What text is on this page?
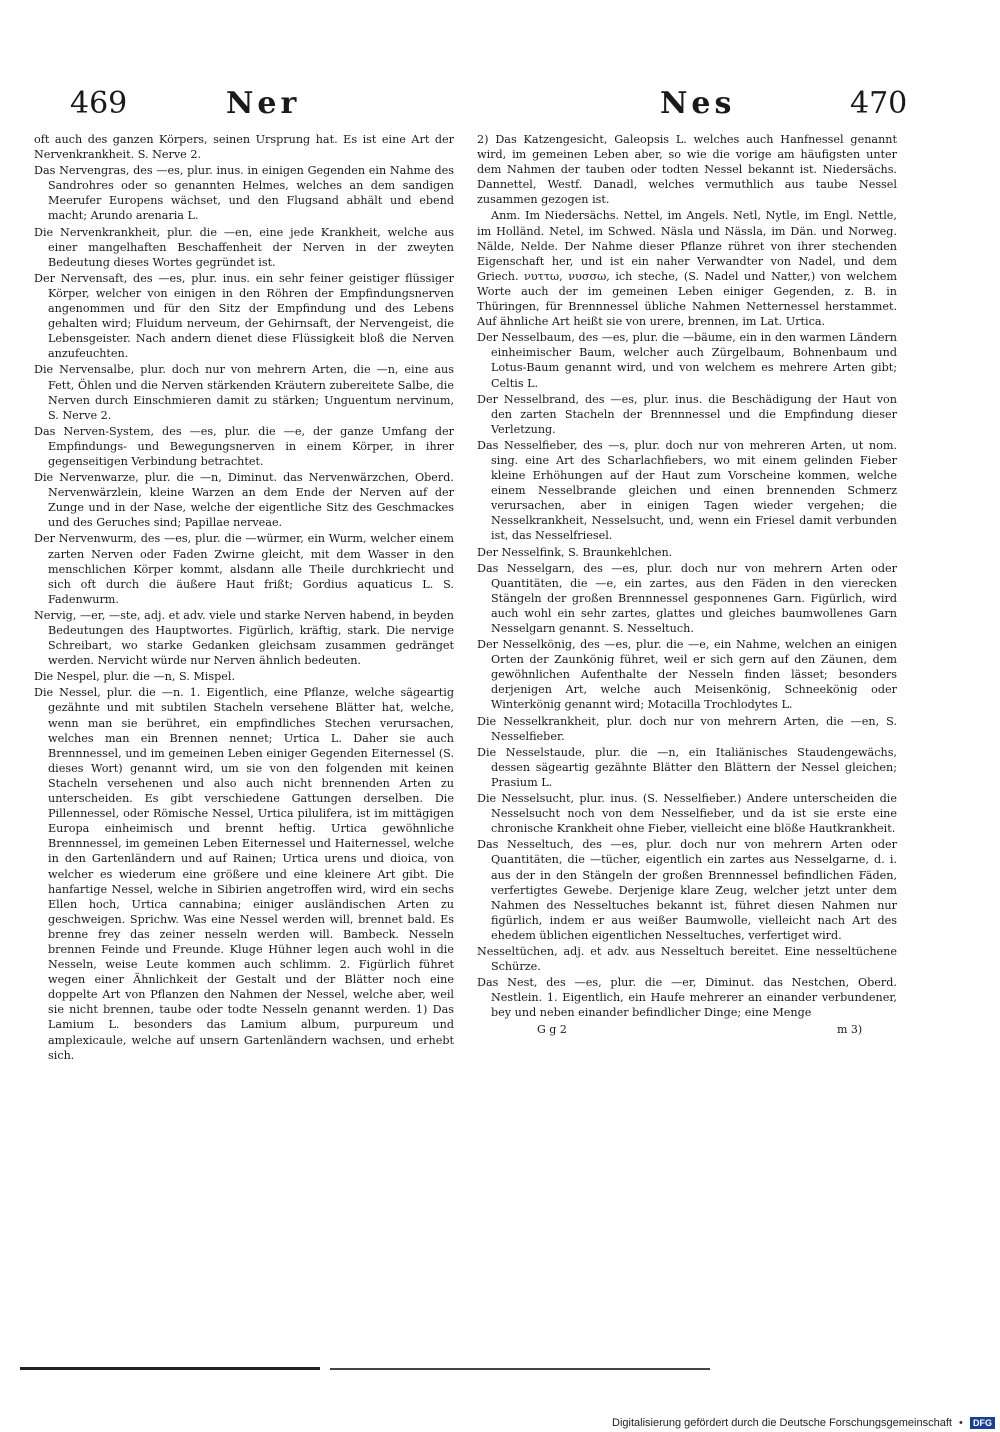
469	Ner	Nes	470

oft auch des ganzen Körpers, seinen Ursprung hat. Es ist eine Art der Nervenkrankheit. S. Nerve 2.

Das Nervengras, des —es, plur. inus. in einigen Gegenden ein Nahme des Sandrohres oder so genannten Helmes, welches an dem sandigen Meerufer Europens wächset, und den Flugsand abhält und ebend macht; Arundo arenaria L.

Die Nervenkrankheit, plur. die —en, eine jede Krankheit, welche aus einer mangelhaften Beschaffenheit der Nerven in der zweyten Bedeutung dieses Wortes gegründet ist.

Der Nervensaft, des —es, plur. inus. ein sehr feiner geistiger flüssiger Körper, welcher von einigen in den Röhren der Empfindungsnerven angenommen und für den Sitz der Empfindung und des Lebens gehalten wird; Fluidum nerveum, der Gehirnsaft, der Nervengeist, die Lebensgeister. Nach andern dienet diese Flüssigkeit bloß die Nerven anzufeuchten.

Die Nervensalbe, plur. doch nur von mehrern Arten, die —n, eine aus Fett, Öhlen und die Nerven stärkenden Kräutern zubereitete Salbe, die Nerven durch Einschmieren damit zu stärken; Unguentum nervinum, S. Nerve 2.

Das Nerven-System, des —es, plur. die —e, der ganze Umfang der Empfindungs- und Bewegungsnerven in einem Körper, in ihrer gegenseitigen Verbindung betrachtet.

Die Nervenwarze, plur. die —n, Diminut. das Nervenwärzchen, Oberd. Nervenwärzlein, kleine Warzen an dem Ende der Nerven auf der Zunge und in der Nase, welche der eigentliche Sitz des Geschmackes und des Geruches sind; Papillae nerveae.

Der Nervenwurm, des —es, plur. die —würmer, ein Wurm, welcher einem zarten Nerven oder Faden Zwirne gleicht, mit dem Wasser in den menschlichen Körper kommt, alsdann alle Theile durchkriecht und sich oft durch die äußere Haut frißt; Gordius aquaticus L. S. Fadenwurm.

Nervig, —er, —ste, adj. et adv. viele und starke Nerven habend, in beyden Bedeutungen des Hauptwortes. Figürlich, kräftig, stark. Die nervige Schreibart, wo starke Gedanken gleichsam zusammen gedränget werden. Nervicht würde nur Nerven ähnlich bedeuten.

Die Nespel, plur. die —n, S. Mispel.

Die Nessel, plur. die —n. 1. Eigentlich, eine Pflanze, welche sägeartig gezähnte und mit subtilen Stacheln versehene Blätter hat, welche, wenn man sie berühret, ein empfindliches Stechen verursachen, welches man ein Brennen nennet; Urtica L. Daher sie auch Brennnessel, und im gemeinen Leben einiger Gegenden Eiternessel (S. dieses Wort) genannt wird, um sie von den folgenden mit keinen Stacheln versehenen und also auch nicht brennenden Arten zu unterscheiden. Es gibt verschiedene Gattungen derselben. Die Pillennessel, oder Römische Nessel, Urtica pilulifera, ist im mittägigen Europa einheimisch und brennt heftig. Urtica gewöhnliche Brennnessel, im gemeinen Leben Eiternessel und Haiternessel, welche in den Gartenländern und auf Rainen; Urtica urens und dioica, von welcher es wiederum eine größere und eine kleinere Art gibt. Die hanfartige Nessel, welche in Sibirien angetroffen wird, wird ein sechs Ellen hoch, Urtica cannabina; einiger ausländischen Arten zu geschweigen. Sprichw. Was eine Nessel werden will, brennet bald. Es brenne frey das zeiner nesseln werden will. Bambeck. Nesseln brennen Feinde und Freunde. Kluge Hühner legen auch wohl in die Nesseln, weise Leute kommen auch schlimm. 2. Figürlich führet wegen einer Ähnlichkeit der Gestalt und der Blätter noch eine doppelte Art von Pflanzen den Nahmen der Nessel, welche aber, weil sie nicht brennen, taube oder todte Nesseln genannt werden. 1) Das Lamium L. besonders das Lamium album, purpureum und amplexicaule, welche auf unsern Gartenländern wachsen, und erhebt sich.

2) Das Katzengesicht, Galeopsis L. welches auch Hanfnessel genannt wird, im gemeinen Leben aber, so wie die vorige am häufigsten unter dem Nahmen der tauben oder todten Nessel bekannt ist. Niedersächs. Dannettel, Westf. Danadl, welches vermuthlich aus taube Nessel zusammen gezogen ist.

Anm. Im Niedersächs. Nettel, im Angels. Netl, Nytle, im Engl. Nettle, im Holländ. Netel, im Schwed. Näsla und Nässla, im Dän. und Norweg. Nälde, Nelde. Der Nahme dieser Pflanze rühret von ihrer stechenden Eigenschaft her, und ist ein naher Verwandter von Nadel, und dem Griech. νυττω, νυσσω, ich steche, (S. Nadel und Natter,) von welchem Worte auch der im gemeinen Leben einiger Gegenden, z. B. in Thüringen, für Brennnessel übliche Nahmen Netternessel herstammet. Auf ähnliche Art heißt sie von urere, brennen, im Lat. Urtica.

Der Nesselbaum, des —es, plur. die —bäume, ein in den warmen Ländern einheimischer Baum, welcher auch Zürgelbaum, Bohnenbaum und Lotus-Baum genannt wird, und von welchem es mehrere Arten gibt; Celtis L.

Der Nesselbrand, des —es, plur. inus. die Beschädigung der Haut von den zarten Stacheln der Brennnessel und die Empfindung dieser Verletzung.

Das Nesselfieber, des —s, plur. doch nur von mehreren Arten, ut nom. sing. eine Art des Scharlachfiebers, wo mit einem gelinden Fieber kleine Erhöhungen auf der Haut zum Vorscheine kommen, welche einem Nesselbrande gleichen und einen brennenden Schmerz verursachen, aber in einigen Tagen wieder vergehen; die Nesselkrankheit, Nesselsucht, und, wenn ein Friesel damit verbunden ist, das Nesselfriesel.

Der Nesselfink, S. Braunkehlchen.

Das Nesselgarn, des —es, plur. doch nur von mehrern Arten oder Quantitäten, die —e, ein zartes, aus den Fäden in den vierecken Stängeln der großen Brennnessel gesponnenes Garn. Figürlich, wird auch wohl ein sehr zartes, glattes und gleiches baumwollenes Garn Nesselgarn genannt. S. Nesseltuch.

Der Nesselkönig, des —es, plur. die —e, ein Nahme, welchen an einigen Orten der Zaunkönig führet, weil er sich gern auf den Zäunen, dem gewöhnlichen Aufenthalte der Nesseln finden lässet; besonders derjenigen Art, welche auch Meisenkönig, Schneekönig oder Winterkönig genannt wird; Motacilla Trochlodytes L.

Die Nesselkrankheit, plur. doch nur von mehrern Arten, die —en, S. Nesselfieber.

Die Nesselstaude, plur. die —n, ein Italiänisches Staudengewächs, dessen sägeartig gezähnte Blätter den Blättern der Nessel gleichen; Prasium L.

Die Nesselsucht, plur. inus. (S. Nesselfieber.) Andere unterscheiden die Nesselsucht noch von dem Nesselfieber, und da ist sie erste eine chronische Krankheit ohne Fieber, vielleicht eine blöße Hautkrankheit.

Das Nesseltuch, des —es, plur. doch nur von mehrern Arten oder Quantitäten, die —tücher, eigentlich ein zartes aus Nesselgarne, d. i. aus der in den Stängeln der großen Brennnessel befindlichen Fäden, verfertigtes Gewebe. Derjenige klare Zeug, welcher jetzt unter dem Nahmen des Nesseltuches bekannt ist, führet diesen Nahmen nur figürlich, indem er aus weißer Baumwolle, vielleicht nach Art des ehedem üblichen eigentlichen Nesseltuches, verfertiget wird.

Nesseltüchen, adj. et adv. aus Nesseltuch bereitet. Eine nesseltüchene Schürze.

Das Nest, des —es, plur. die —er, Diminut. das Nestchen, Oberd. Nestlein. 1. Eigentlich, ein Haufe mehrerer an einander verbundener, bey und neben einander befindlicher Dinge; eine Menge

G g 2	m 3)
Digitalisierung gefördert durch die Deutsche Forschungsgemeinschaft • DFG
